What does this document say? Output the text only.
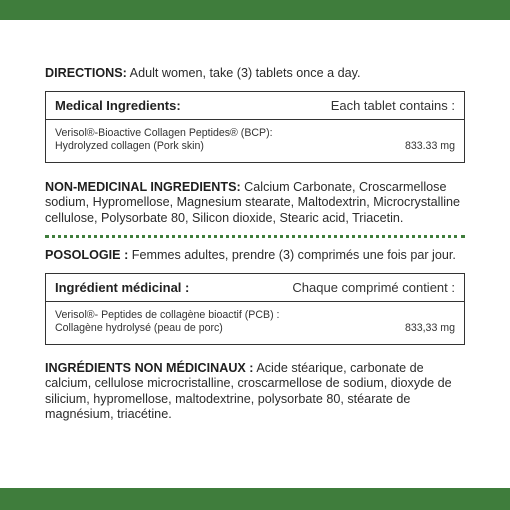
DIRECTIONS: Adult women, take (3) tablets once a day.

Medical Ingredients:	Each tablet contains :
Verisol®-Bioactive Collagen Peptides® (BCP):
Hydrolyzed collagen (Pork skin)	833.33 mg

NON-MEDICINAL INGREDIENTS: Calcium Carbonate, Croscarmellose sodium, Hypromellose, Magnesium stearate, Maltodextrin, Microcrystalline cellulose, Polysorbate 80, Silicon dioxide, Stearic acid, Triacetin.

POSOLOGIE : Femmes adultes, prendre (3) comprimés une fois par jour.

Ingrédient médicinal :	Chaque comprimé contient :
Verisol®- Peptides de collagène bioactif (PCB) :
Collagène hydrolysé (peau de porc)	833,33 mg

INGRÉDIENTS NON MÉDICINAUX : Acide stéarique, carbonate de calcium, cellulose microcristalline, croscarmellose de sodium, dioxyde de silicium, hypromellose, maltodextrine, polysorbate 80, stéarate de magnésium, triacétine.
